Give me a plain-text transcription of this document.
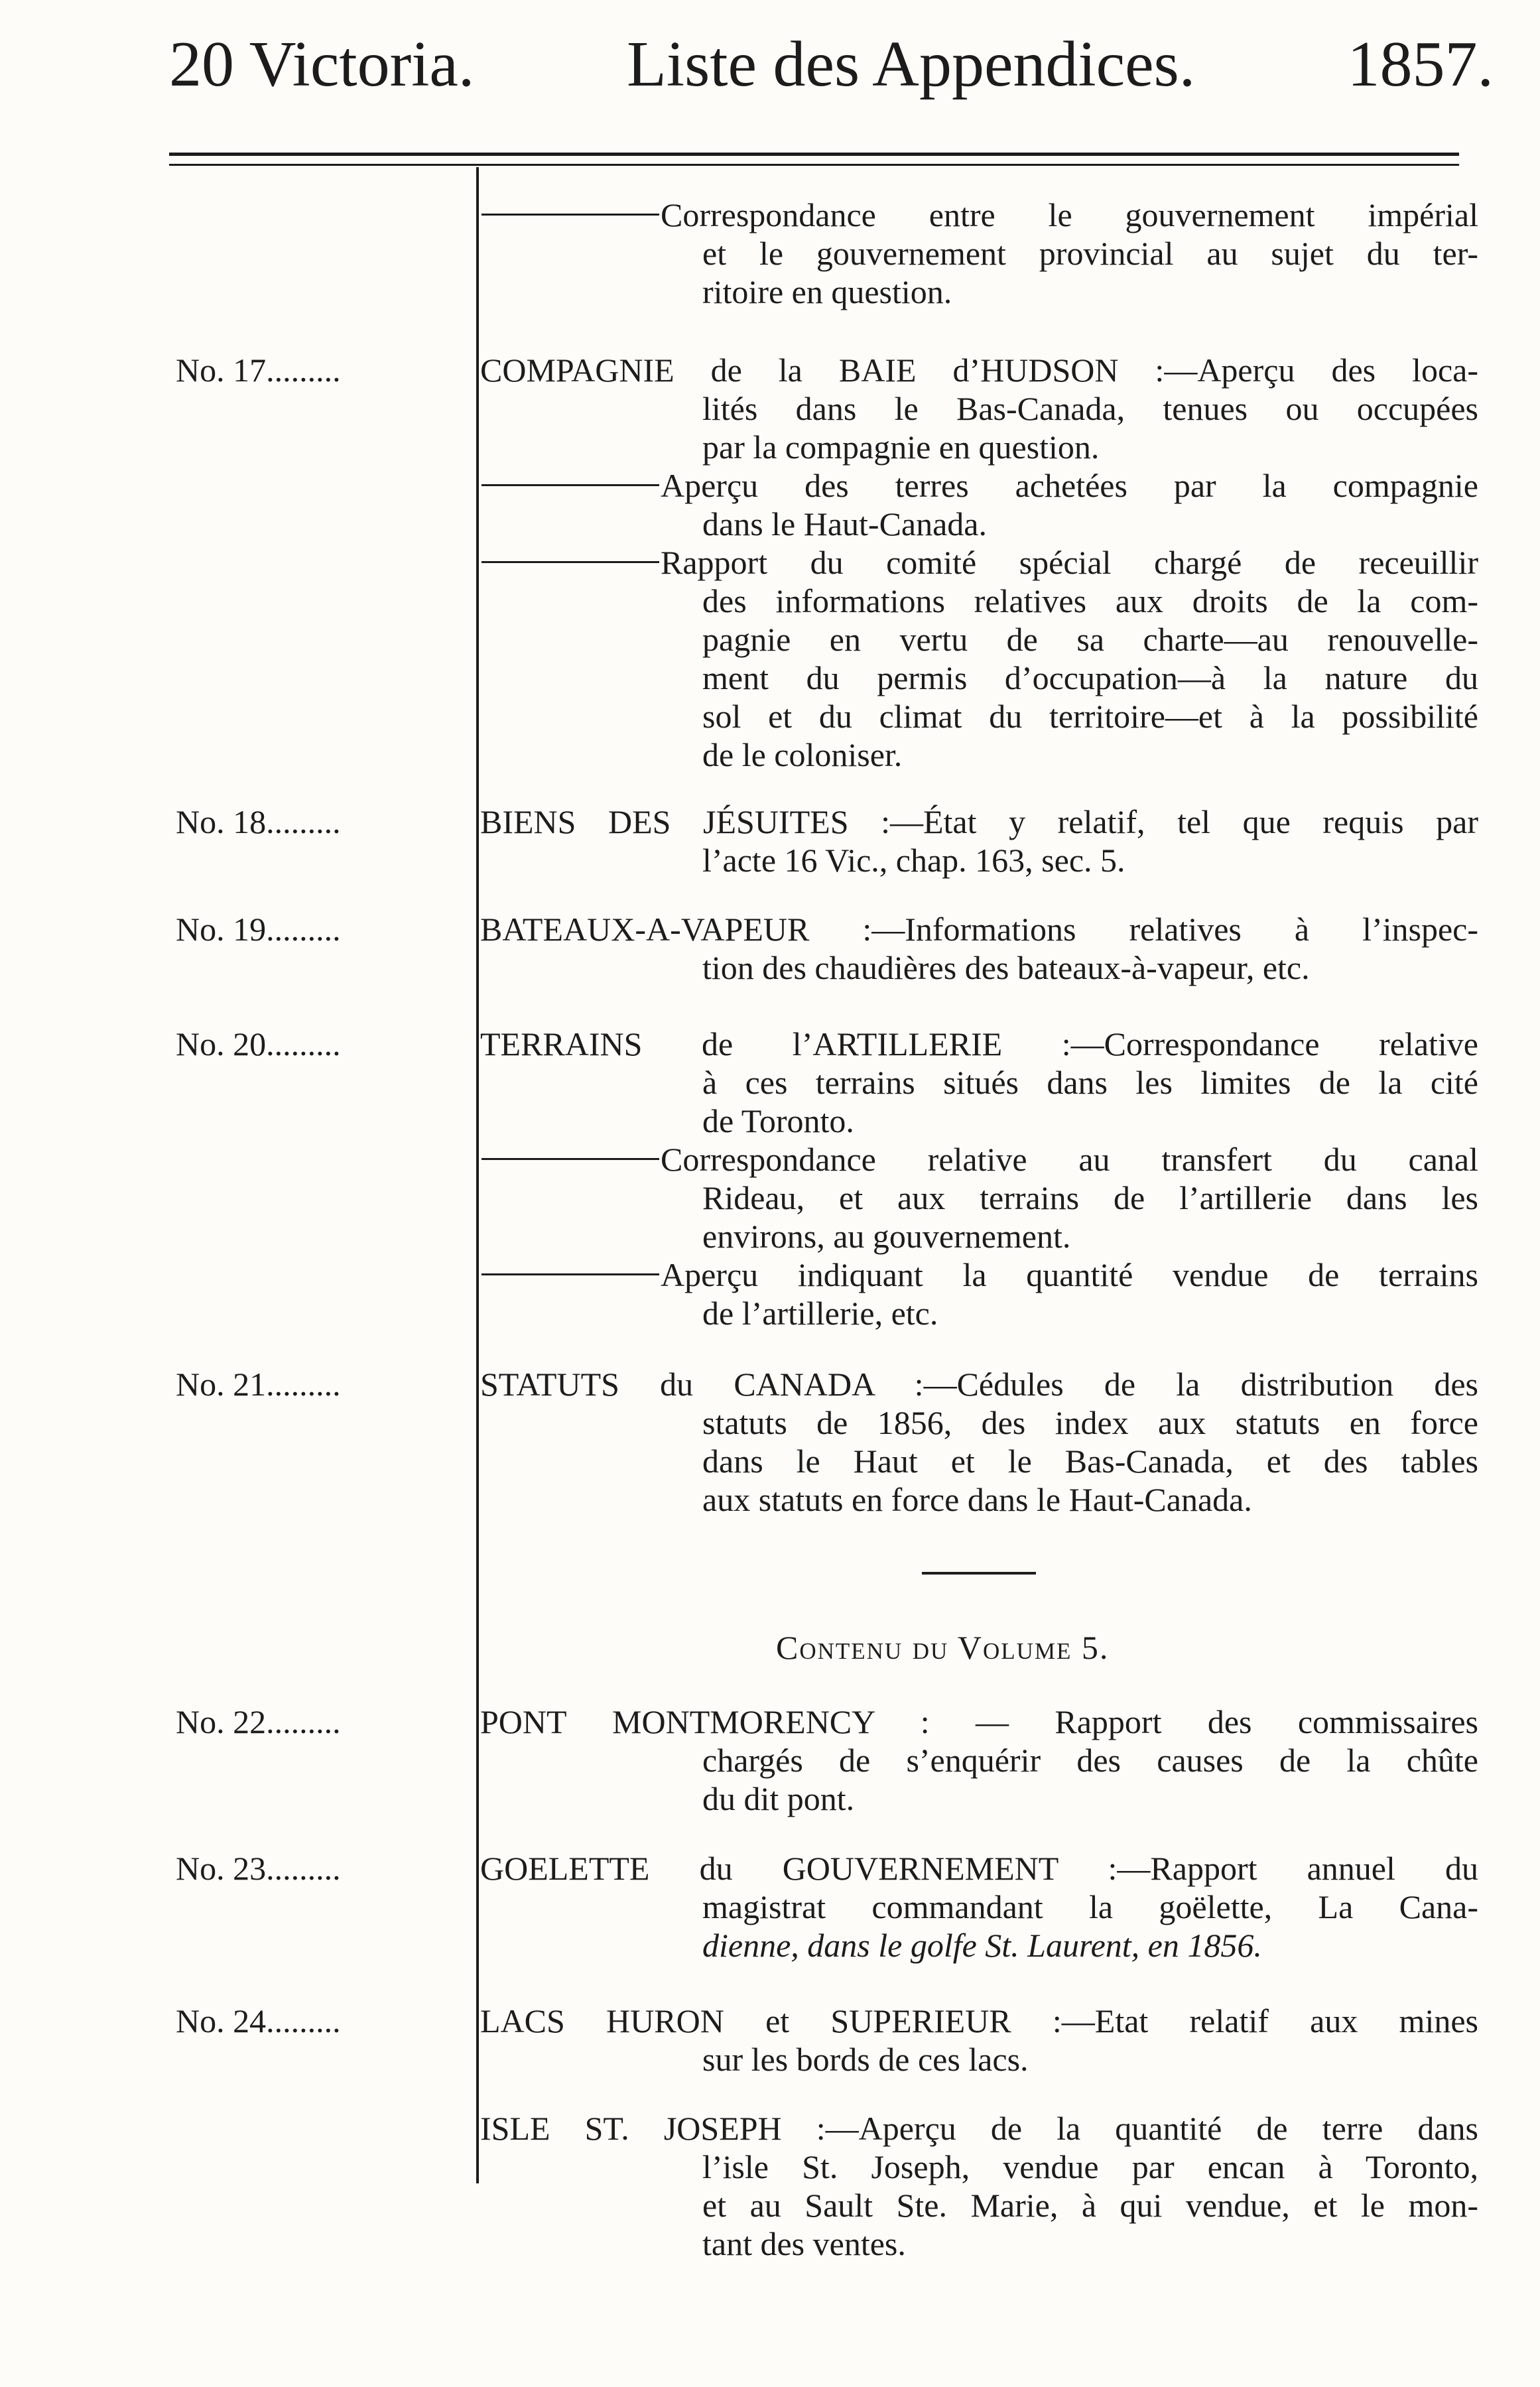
20 Victoria. Liste des Appendices. 1857.
Correspondance entre le gouvernement impérial
et le gouvernement provincial au sujet du ter-
ritoire en question.
No. 17.........	COMPAGNIE de la BAIE d’HUDSON :—Aperçu des loca-
lités dans le Bas-Canada, tenues ou occupées
par la compagnie en question.
Aperçu des terres achetées par la compagnie
dans le Haut-Canada.
Rapport du comité spécial chargé de receuillir
des informations relatives aux droits de la com-
pagnie en vertu de sa charte—au renouvelle-
ment du permis d’occupation—à la nature du
sol et du climat du territoire—et à la possibilité
de le coloniser.
No. 18.........	BIENS DES JÉSUITES :—État y relatif, tel que requis par
l’acte 16 Vic., chap. 163, sec. 5.
No. 19.........	BATEAUX-A-VAPEUR :—Informations relatives à l’inspec-
tion des chaudières des bateaux-à-vapeur, etc.
No. 20.........	TERRAINS de l’ARTILLERIE :—Correspondance relative
à ces terrains situés dans les limites de la cité
de Toronto.
Correspondance relative au transfert du canal
Rideau, et aux terrains de l’artillerie dans les
environs, au gouvernement.
Aperçu indiquant la quantité vendue de terrains
de l’artillerie, etc.
No. 21.........	STATUTS du CANADA :—Cédules de la distribution des
statuts de 1856, des index aux statuts en force
dans le Haut et le Bas-Canada, et des tables
aux statuts en force dans le Haut-Canada.
Contenu du Volume 5.
No. 22.........	PONT MONTMORENCY : — Rapport des commissaires
chargés de s’enquérir des causes de la chûte
du dit pont.
No. 23.........	GOELETTE du GOUVERNEMENT :—Rapport annuel du
magistrat commandant la goëlette, La Cana-
dienne, dans le golfe St. Laurent, en 1856.
No. 24.........	LACS HURON et SUPERIEUR :—Etat relatif aux mines
sur les bords de ces lacs.
ISLE ST. JOSEPH :—Aperçu de la quantité de terre dans
l’isle St. Joseph, vendue par encan à Toronto,
et au Sault Ste. Marie, à qui vendue, et le mon-
tant des ventes.
